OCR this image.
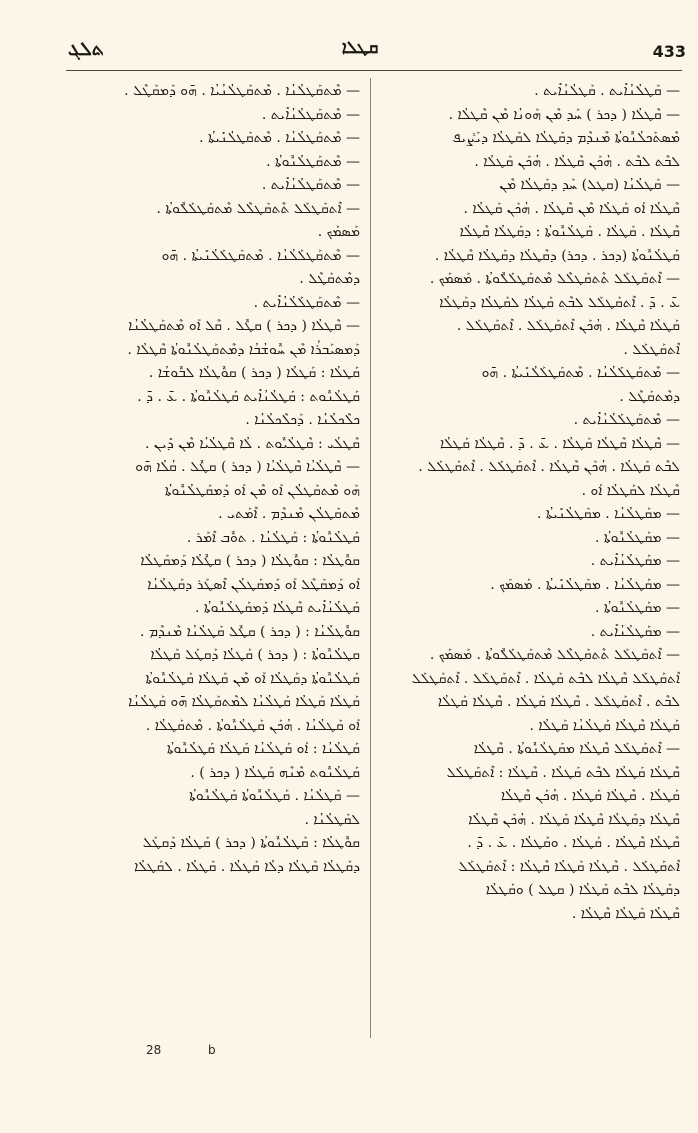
ܬܠܓ	ܩܛܠܐ	433
— ܡܶܬܩܰܛܠܳܢܳܐ . ܡܶܬܩܰܛܠܳܢܳܝܳܐ . ܗ̄ܘ ܕܰܡܩܰܛܶܠ .
— ܡܶܬܩܰܛܠܳܢܳܐܺܝܬ .
— ܡܶܬܩܰܛܠܳܢܳܐ . ܡܶܬܩܰܛܠܳܢܺܝܬܳܐ .
— ܡܶܬܩܰܛܠܳܢܽܘܬܳܐ .
— ܡܶܬܩܰܛܠܳܢܳܐܺܝܬ .
— ܐܶܬܩܰܛܠܰܠ ܬܶܬܩܰܛܠܶܠ ܡܶܬܩܰܛܠܰܠܽܘܬܳܐ .
ܡܰܣܡܰܟ .
— ܡܶܬܩܰܛܠܰܠܳܢܳܐ . ܡܶܬܩܰܛܠܰܠܳܢܺܝܬܳܐ . ܗ̄ܘ
ܕܡܶܬܩܰܛܶܠ .
— ܡܶܬܩܰܛܠܰܠܳܢܳܐܺܝܬ .
— ܩܶܛܠܳܐ ( ܕܟܪ ) ܩܛܽܠ . ܩܶܠ ܐܰܘ ܡܶܬܩܰܛܠܳܢܳܐ
ܕܰܡܣܝܰܒܪܳܐ ܡܶܢ ܚܽܘܫܳܒܳܐ ܕܡܶܬܩܰܛܠܳܢܽܘܬܳܐ ܩܶܛܠܳܐ .
ܩܰܛܠܳܐ : ܩܰܛܠܳܐ ( ܕܟܪ ) ܩܘܽܛܠܳܐ ܠܒܽܘܫܳܐ .
ܩܰܛܠܳܢܽܘܬ : ܩܰܛܠܳܢܳܐܺܝܬ ܩܰܛܠܳܢܽܘܬܳܐ . ܥ̄ . ܕ̄ .
ܟܠܶܟܠܳܢܳܐ . ܕܰܟܠܶܟܠܳܢܳܐ .
ܩܶܛܠܳܝ : ܩܶܛܠܳܝܽܘܬ . ܠܳܐ ܩܶܛܠܳܝܳܐ ܡܶܢ ܕܺܝܢ .
— ܩܶܛܠܳܝܳܐ ܩܶܛܠܳܝܳܐ ( ܕܟܪ ) ܩܛܽܠ . ܩܳܠܳܐ ܗ̄ܘ
ܗܰܘ ܡܶܬܩܰܛܠܳܢ ܐܰܘ ܡܶܢ ܐܰܘ ܕܰܡܩܰܛܠܳܢܽܘܬܳܐ
ܡܶܬܩܰܛܠܳܢ ܡܶܢܕܶܡ . ܐܶܡܰܬܝ .
ܩܰܛܠܳܢܽܘܬܳܐ : ܩܰܛܠܳܢܳܐ . ܬܘܽܒ ܐܶܡܰܪ .
ܩܘܽܛܠܳܐ : ܩܘܽܛܠܳܐ ( ܕܟܪ ) ܩܛܽܠܳܐ ܕܰܡܩܰܛܠܳܐ
ܐܰܘ ܕܰܡܩܰܛܶܠ ܐܰܘ ܕܰܡܩܰܛܠܳܢ ܐܶܣܛܰܪ ܕܩܰܛܠܳܢܳܐ
ܩܰܛܠܳܢܳܐܺܝܬ ܩܶܛܠܳܐ ܕܰܡܩܰܛܠܳܢܽܘܬܳܐ .
ܩܘܽܛܠܳܢܳܐ : ( ܕܟܪ ) ܩܛܽܠ ܩܰܛܠܳܢܳܐ ܡܶܢܕܶܡ .
ܩܛܠܳܢܽܘܬܳܐ : ( ܕܟܪ ) ܩܰܛܠܳܐ ܕܰܩܛܰܠ ܩܰܛܠܳܐ
ܩܰܛܠܳܢܽܘܬܳܐ ܕܩܰܛܠܳܐ ܐܰܘ ܡܶܢ ܩܰܛܠܳܐ ܩܰܛܠܳܢܽܘܬܳܐ
ܩܰܛܠܳܐ ܩܰܛܠܳܐ ܩܰܛܠܳܢܳܐ ܠܡܶܬܩܰܛܠܳܐ ܗ̄ܘ ܩܰܛܠܳܢܳܐ
ܐܰܘ ܩܰܛܠܳܢܳܐ . ܗܳܟܰܢ ܩܰܛܠܳܢܽܘܬܳܐ . ܡܶܬܩܰܛܠܳܐ .
ܩܰܛܠܳܢܳܐ : ܐܰܘ ܩܰܛܠܳܢܳܐ ܩܰܛܠܳܐ ܩܰܛܠܳܢܽܘܬܳܐ
ܩܰܛܠܳܢܽܘܬ ܡܶܢܶܗ ܩܰܛܠܳܐ ( ܕܟܪ ) .
— ܩܰܛܠܳܢܳܐ . ܩܰܛܠܳܢܽܘܬܳܐ ܩܰܛܠܳܢܽܘܬܳܐ
ܠܩܰܛܠܳܢܳܐ .
ܩܘܽܛܠܳܐ : ܩܰܛܠܳܢܽܘܬܳܐ ( ܕܟܪ ) ܩܰܛܠܳܐ ܕܰܩܛܰܠ
ܕܩܰܛܠܳܐ ܩܰܛܠܳܐ ܕܠܳܐ ܩܰܛܠܳܐ . ܩܰܛܠܳܐ . ܠܩܰܛܠܳܐ
— ܩܰܛܠܳܢܳܐܺܝܬ . ܩܰܛܠܳܢܳܐܺܝܬ .
— ܩܶܛܠܳܐ ( ܕܟܪ ) ܚܰܕ ܡܶܢ ܗܰܘܢܳܐ ܡܶܢ ܩܶܛܠܳܐ .
ܡܶܣܬܰܟܠܳܢܽܘܬܳܐ ܡܶܢܕܶܡ ܕܩܰܛܠܳܐ ܠܩܰܛܠܳܐ ܕܝܰܨܺܝܦ
ܠܒܶܬ ܠܒܶܬ . ܗܳܟܰܢ ܩܶܛܠܳܐ . ܗܳܟܰܢ ܩܰܛܠܳܐ .
— ܩܰܛܠܳܢܳܐ (ܩܛܠ) ܚܰܕ ܕܩܰܛܠܳܐ ܡܶܢ
ܩܶܛܠܳܐ ܐܰܘ ܩܰܛܠܳܐ ܡܶܢ ܩܶܛܠܳܐ . ܗܳܟܰܢ ܩܰܛܠܳܐ .
ܩܶܛܠܳܐ . ܩܰܛܠܳܐ . ܩܰܛܠܳܢܽܘܬܳܐ : ܕܩܰܛܠܳܐ ܩܶܛܠܳܐ
ܩܰܛܠܳܢܽܘܬܳܐ (ܕܟܪ . ܕܟܪ) ܕܩܶܛܠܳܐ ܕܩܰܛܠܳܐ ܩܶܛܠܳܐ .
— ܐܶܬܩܰܛܠܰܠ ܬܶܬܩܰܛܠܶܠ ܡܶܬܩܰܛܠܰܠܽܘܬܳܐ . ܡܰܣܡܰܟ .
ܥ̄ . ܕ̄ . ܐܶܬܩܰܛܠܰܠ ܠܒܶܬ ܩܰܛܠܳܐ ܠܩܰܛܠܳܐ ܕܩܰܛܠܳܐ
ܩܰܛܠܳܐ ܩܶܛܠܳܐ . ܗܳܟܰܢ ܐܶܬܩܰܛܠܰܠ . ܐܶܬܩܰܛܠܰܠ .
ܐܶܬܩܰܛܠܰܠ .
— ܡܶܬܩܰܛܠܰܠܳܢܳܐ . ܡܶܬܩܰܛܠܰܠܳܢܺܝܬܳܐ . ܗ̄ܘ
ܕܡܶܬܩܰܛܶܠ .
— ܡܶܬܩܰܛܠܰܠܳܢܳܐܺܝܬ .
— ܩܶܛܠܳܐ ܩܶܛܠܳܐ ܩܰܛܠܳܐ . ܥ̄ . ܕ̄ . ܩܶܛܠܳܐ ܩܰܛܠܳܐ
ܠܒܶܬ ܩܰܛܠܳܐ . ܗܳܟܰܢ ܩܶܛܠܳܐ . ܐܶܬܩܰܛܠܰܠ . ܐܶܬܩܰܛܠܰܠ .
ܩܶܛܠܳܐ ܠܩܰܛܠܳܐ ܐܰܘ .
— ܡܩܰܛܠܳܢܳܐ . ܡܩܰܛܠܳܢܺܝܬܳܐ .
— ܡܩܰܛܠܳܢܽܘܬܳܐ .
— ܡܩܰܛܠܳܢܳܐܺܝܬ .
— ܡܩܰܛܠܳܢܳܐ . ܡܩܰܛܠܳܢܺܝܬܳܐ . ܡܰܣܡܰܟ .
— ܡܩܰܛܠܳܢܽܘܬܳܐ .
— ܡܩܰܛܠܳܢܳܐܺܝܬ .
— ܐܶܬܩܰܛܠܰܠ ܬܶܬܩܰܛܠܶܠ ܡܶܬܩܰܛܠܰܠܽܘܬܳܐ . ܡܰܣܡܰܟ .
ܐܶܬܩܰܛܠܰܠ ܩܶܛܠܳܐ ܠܒܶܬ ܩܰܛܠܳܐ . ܐܶܬܩܰܛܠܰܠ . ܐܶܬܩܰܛܠܰܠ
ܠܒܶܬ . ܐܶܬܩܰܛܠܰܠ . ܩܶܛܠܳܐ ܩܰܛܠܳܐ . ܩܶܛܠܳܐ ܩܰܛܠܳܐ
ܩܰܛܠܳܐ ܩܶܛܠܳܐ ܩܰܛܠܳܢܳܐ ܩܰܛܠܳܐ .
— ܐܶܬܩܰܛܠܰܠ ܩܶܛܠܳܐ ܡܩܰܛܠܳܢܽܘܬܳܐ . ܩܶܛܠܳܐ
ܩܶܛܠܳܐ ܩܰܛܠܳܐ ܠܒܶܬ ܩܰܛܠܳܐ . ܩܶܛܠܳܐ : ܐܶܬܩܰܛܠܰܠ
ܩܰܛܠܳܐ . ܩܶܛܠܳܐ ܩܰܛܠܳܐ . ܗܳܟܰܢ ܩܶܛܠܳܐ
ܩܶܛܠܳܐ ܕܩܰܛܠܳܐ ܩܶܛܠܳܐ ܩܰܛܠܳܐ . ܗܳܟܰܢ ܩܶܛܠܳܐ
ܩܶܛܠܳܐ ܩܶܛܠܳܐ . ܩܰܛܠܳܐ . ܘܩܰܛܠܳܐ . ܥ̄ . ܕ̄ .
ܐܶܬܩܰܛܠܰܠ . ܩܶܛܠܳܐ ܩܰܛܠܳܐ ܩܶܛܠܳܐ : ܐܶܬܩܰܛܠܰܠ
ܕܩܰܛܠܳܐ ܠܒܶܬ ܩܰܛܠܳܐ ( ܩܛܠ ) ܘܩܰܛܠܳܐ
ܩܶܛܠܳܐ ܩܰܛܠܳܐ ܩܶܛܠܳܐ .
28	b
